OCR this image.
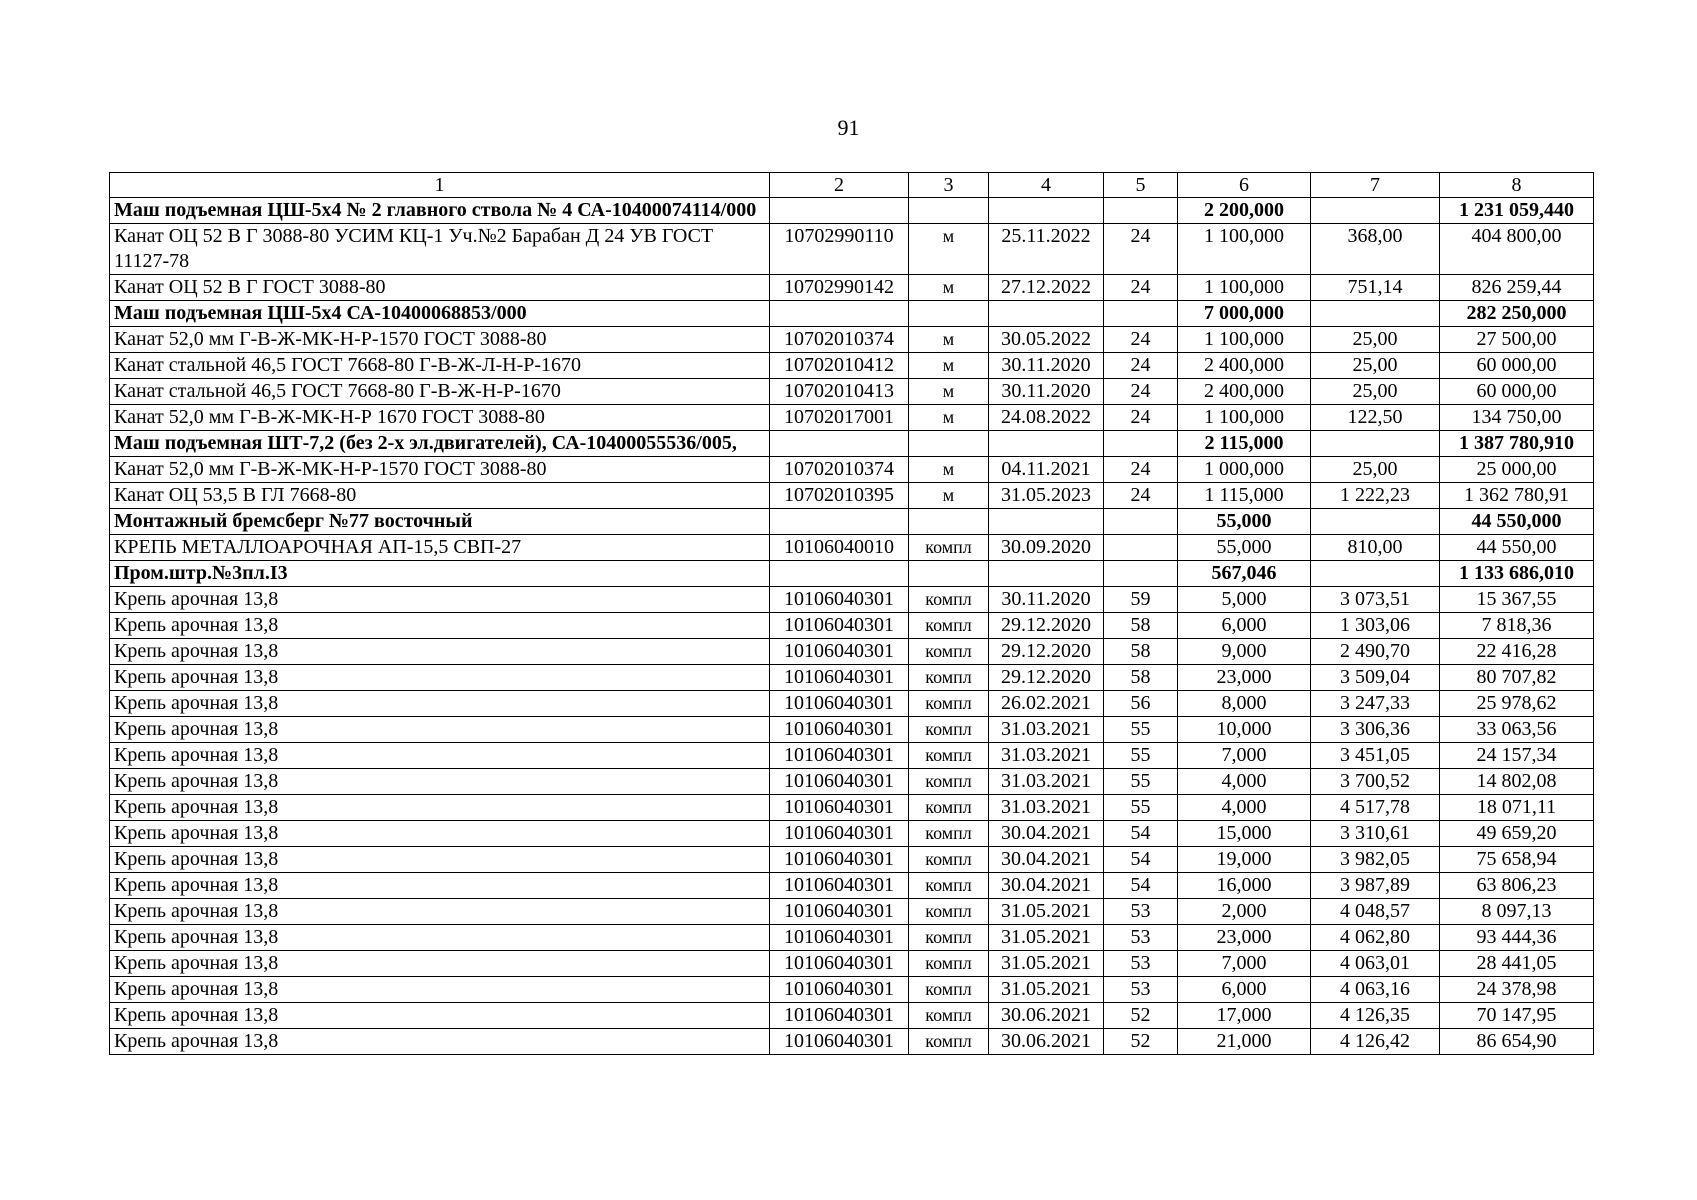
91
1	2	3	4	5	6	7	8
Маш подъемная ЦШ-5х4 № 2 главного ствола № 4 СА-10400074114/000					2 200,000		1 231 059,440
Канат ОЦ 52 В Г 3088-80 УСИМ КЦ-1 Уч.№2 Барабан Д 24 УВ ГОСТ 11127-78	10702990110	м	25.11.2022	24	1 100,000	368,00	404 800,00
Канат ОЦ 52 В Г ГОСТ 3088-80	10702990142	м	27.12.2022	24	1 100,000	751,14	826 259,44
Маш подъемная ЦШ-5х4 СА-10400068853/000					7 000,000		282 250,000
Канат 52,0 мм Г-В-Ж-МК-Н-Р-1570 ГОСТ 3088-80	10702010374	м	30.05.2022	24	1 100,000	25,00	27 500,00
Канат стальной 46,5 ГОСТ 7668-80 Г-В-Ж-Л-Н-Р-1670	10702010412	м	30.11.2020	24	2 400,000	25,00	60 000,00
Канат стальной 46,5 ГОСТ 7668-80 Г-В-Ж-Н-Р-1670	10702010413	м	30.11.2020	24	2 400,000	25,00	60 000,00
Канат 52,0 мм Г-В-Ж-МК-Н-Р 1670 ГОСТ 3088-80	10702017001	м	24.08.2022	24	1 100,000	122,50	134 750,00
Маш подъемная ШТ-7,2 (без 2-х эл.двигателей), СА-10400055536/005,					2 115,000		1 387 780,910
Канат 52,0 мм Г-В-Ж-МК-Н-Р-1570 ГОСТ 3088-80	10702010374	м	04.11.2021	24	1 000,000	25,00	25 000,00
Канат ОЦ 53,5 В ГЛ 7668-80	10702010395	м	31.05.2023	24	1 115,000	1 222,23	1 362 780,91
Монтажный бремсберг №77 восточный					55,000		44 550,000
КРЕПЬ МЕТАЛЛОАРОЧНАЯ АП-15,5 СВП-27	10106040010	компл	30.09.2020		55,000	810,00	44 550,00
Пром.штр.№3пл.I3					567,046		1 133 686,010
Крепь арочная 13,8	10106040301	компл	30.11.2020	59	5,000	3 073,51	15 367,55
Крепь арочная 13,8	10106040301	компл	29.12.2020	58	6,000	1 303,06	7 818,36
Крепь арочная 13,8	10106040301	компл	29.12.2020	58	9,000	2 490,70	22 416,28
Крепь арочная 13,8	10106040301	компл	29.12.2020	58	23,000	3 509,04	80 707,82
Крепь арочная 13,8	10106040301	компл	26.02.2021	56	8,000	3 247,33	25 978,62
Крепь арочная 13,8	10106040301	компл	31.03.2021	55	10,000	3 306,36	33 063,56
Крепь арочная 13,8	10106040301	компл	31.03.2021	55	7,000	3 451,05	24 157,34
Крепь арочная 13,8	10106040301	компл	31.03.2021	55	4,000	3 700,52	14 802,08
Крепь арочная 13,8	10106040301	компл	31.03.2021	55	4,000	4 517,78	18 071,11
Крепь арочная 13,8	10106040301	компл	30.04.2021	54	15,000	3 310,61	49 659,20
Крепь арочная 13,8	10106040301	компл	30.04.2021	54	19,000	3 982,05	75 658,94
Крепь арочная 13,8	10106040301	компл	30.04.2021	54	16,000	3 987,89	63 806,23
Крепь арочная 13,8	10106040301	компл	31.05.2021	53	2,000	4 048,57	8 097,13
Крепь арочная 13,8	10106040301	компл	31.05.2021	53	23,000	4 062,80	93 444,36
Крепь арочная 13,8	10106040301	компл	31.05.2021	53	7,000	4 063,01	28 441,05
Крепь арочная 13,8	10106040301	компл	31.05.2021	53	6,000	4 063,16	24 378,98
Крепь арочная 13,8	10106040301	компл	30.06.2021	52	17,000	4 126,35	70 147,95
Крепь арочная 13,8	10106040301	компл	30.06.2021	52	21,000	4 126,42	86 654,90
